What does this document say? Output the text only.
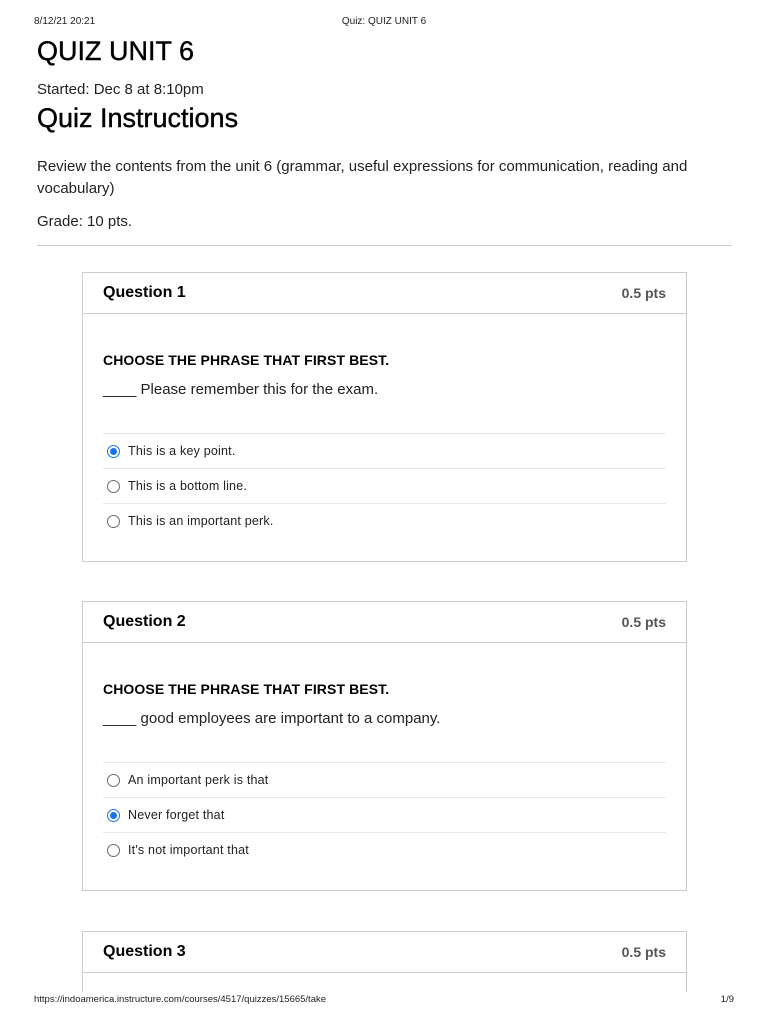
8/12/21 20:21	Quiz: QUIZ UNIT 6
QUIZ UNIT 6
Started: Dec 8 at 8:10pm
Quiz Instructions
Review the contents from the unit 6 (grammar, useful expressions for communication, reading and vocabulary)
Grade: 10 pts.
Question 1	0.5 pts
CHOOSE THE PHRASE THAT FIRST BEST.
____ Please remember this for the exam.
This is a key point.
This is a bottom line.
This is an important perk.
Question 2	0.5 pts
CHOOSE THE PHRASE THAT FIRST BEST.
____ good employees are important to a company.
An important perk is that
Never forget that
It's not important that
Question 3	0.5 pts
https://indoamerica.instructure.com/courses/4517/quizzes/15665/take	1/9
